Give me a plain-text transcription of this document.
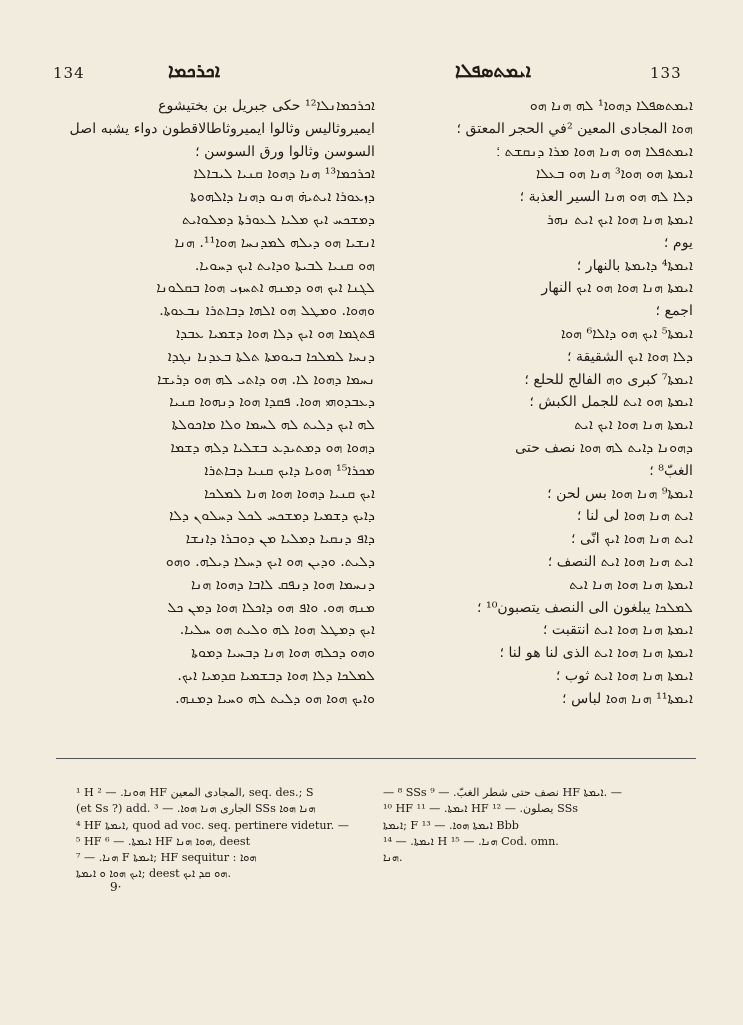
134	ܐܟܪܟܡܐ	ܐܝܡܬܣܦܠܐ	133
ܐܟܪܟܡܐܢܠܐ¹² حكى جبريل بن بختيشوع
ايميروثاليس وثالوا ايميروثاطالاقطون دواء يشبه اصل
السوسن وثالوا ورق السوسن ؛
ܐܟܪܟܡܐ¹³ ܗܢܐ ܕܗܘܐ ܩܢܝܐ ܠܝܒܐܠܐ
ܕܙܥܘܪܐ ܐܝܬܝܗ̇ ܗܢܘ ܕܗܢܐ ܕܐܠܗܘܬܐ
ܕܡܫܟܚ ܐܝܟ ܡܠܝܐ ܠܥܘܪܬܐ ܕܡܠܘܐܝܬ
ܐܢܫܝܐ ܗܘ ܕܝܠܗ ܠܡܕܢܚܐ ܗܘܐ¹¹. ܗܢܐ
ܗܘ ܩܢܝܐ ܠܒܝܬܐ ܘܕܐܝܬ ܐܝܟ ܕܚܘܝܐ.
ܠܓܢܐ ܐܝܟ ܗܘ ܕܡܢܗ ܐܬܚܙܝ ܗܘܐ ܒܩܠܘܢܐ
ܘܗܘܐ. ܘܡܛܠ ܗܘ ܐܠܗܐ ܕܒܐܬܪܐ ܢܒܥܘܬܐ.
ܦܬܓܡܐ ܗܘ ܐܝܟ ܕܠܐ ܗܘܐ ܕܫܡܝܐ ܥܒܕܐ
ܕܢܚܐ ܠܡܠܟܐ ܒܝܘܡܬܐ ܬܠܬܐ ܒܥܕܢܐ ܢܓܕܐ
ܢܚܡܐ ܕܗܘܐ ܠܐ. ܗܘ ܕܐܬܝ ܠܗ ܗܘ ܕܪܝܫܐ
ܕܥܒܕܘܗܝ ܗܘܐ. ܦܩܕܐ ܗܘܐ ܕܢܗܘܐ ܩܢܝܐ
ܠܗ ܐܝܟ ܕܠܝܬ ܠܗ ܠܚܡܐ ܘܠܐ ܡܐܟܘܠܬܐ
ܕܗܘܐ ܗܘ ܕܡܬܝܕܥ ܒܫܠܝܐ ܕܠܗ ܕܫܡܐ
ܡܟܪܐ¹⁵ ܗܘܝܐ ܕܐܝܟ ܩܢܝܐ ܕܒܐܬܪܐ
ܐܝܟ ܩܢܝܐ ܕܗܘܐ ܗܘܐ ܗܢܐ ܠܡܠܟܐ
ܕܐܝܟ ܕܫܡܝܐ ܕܡܫܟܚ ܠܟܠ ܕܚܠܘܢ ܕܠܐ
ܕܐܦ ܕܢܩܝܐ ܕܡܠܝܐ ܡܢ ܕܘܒܪܐ ܕܐܢܫܐ
ܕܠܝܬ. ܘܕܝܢ ܗܘ ܐܝܟ ܕܚܠܐ ܕܝܠܗ. ܘܗܘ
ܕܢܚܡܐ ܗܘܐ ܕܢܦܩ ܠܐܒܐ ܕܗܘܐ ܗܢܐ
ܡܢܗ ܗܘ. ܘܐܦ ܗܘ ܕܐܟܠܐ ܗܘܐ ܕܡܢ ܟܠ
ܐܝܟ ܕܡܛܠ ܗܘܐ ܠܗ ܘܠܝܬ ܗܘ ܚܠܝܐ.
ܘܗܘ ܕܟܠܗ ܗܘܐ ܗܢܐ ܕܒܚܝܐ ܕܡܘܬܐ
ܠܡܠܟܐ ܕܠܐ ܗܘܐ ܕܒܫܡܝܐ ܩܕܡܝܐ ܐܝܟ.
ܘܐܝܟ ܗܘܐ ܗܘ ܕܠܝܬ ܠܗ ܘܚܝܐ ܕܡܢܗ.
ܐܝܡܬܣܦܠܐ ܕܗܘܐ¹ ܠܗ ܗܢܐ ܗܘ
ܗܘܐ المجادى المعين ²في الحجر المعتق ؛
ܐܝܡܬܦܠܐ ܗܘ ܗܢܐ ܗܘܐ ܡܪܐ ܕܢܩܫܬ ؛
ܐܝܡܬܐ ܗܘ ܗܘܐ³ ܗܢܐ ܗܘ ܒܥܠܐ
ܕܠܐ ܠܗ ܗܘ ܗܢܐ السير العذبة ؛
ܐܝܡܬܐ ܗܢܐ ܗܘܐ ܐܝܟ ܐܝܬ ܢܗܪ
يوم ؛
ܐܝܡܬܐ⁴ ܕܐܝܡܬܐ بالنهار ؛
ܐܝܡܬܐ ܗܢܐ ܗܘܐ ܗܘ ܐܝܟ النهار
اجمع ؛
ܐܝܡܬܐ⁵ ܐܝܟ ܗܘ ܕܐܠܐ⁶ ܗܘܐ
ܕܠܐ ܗܘܐ ܐܝܟ الشقيقة ؛
ܐܝܡܬܐ⁷ كبرى ܘܗ الفالج للحلع ؛
ܐܝܡܬܐ ܗܘ ܐܝܬ للجمل الكبش ؛
ܐܝܡܬܐ ܗܢܐ ܗܘܐ ܐܝܟ ܐܝܬ
ܕܗܘܢܐ ܕܐܝܬ ܠܗ ܗܘܐ نصف حتى
الغبّ⁸ ؛
ܐܝܡܬܐ⁹ ܗܢܐ ܗܘܐ بس لحن ؛
ܐܝܬ ܗܢܐ ܗܘܐ لى لنا ؛
ܐܝܬ ܗܢܐ ܗܘܐ ܐܝܟ انّى ؛
ܐܝܬ ܗܢܐ ܗܘܐ ܐܝܬ النصف ؛
ܐܝܡܬܐ ܗܢܐ ܗܘܐ ܗܢܐ ܐܝܬ
ܠܡܠܟܐ يبلغون الى النصف يتصبون¹⁰ ؛
ܐܝܡܬܐ ܗܢܐ ܗܘܐ ܐܝܬ انتقبت ؛
ܐܝܡܬܐ ܗܢܐ ܗܘܐ ܐܝܬ الذى لنا هو لنا ؛
ܐܝܡܬܐ ܗܢܐ ܗܘܐ ܐܝܬ ثوب ؛
ܐܝܡܬܐ¹¹ ܗܢܐ ܗܘܐ لباس ؛
¹ H ܗܘܢܐ. — ² HF المجادى المعين, seq. des.; S
(et Ss ?) add. الجارى ܗܢܐ ܗܘܐ. — ³ SSs ܗܢܐ ܗܘܐ
⁴ HF ܐܝܡܬܐ, quod ad voc. seq. pertinere videtur. —
⁵ HF ܐܝܡܬܐ. — ⁶ HF ܗܘܐ ܗܢܐ, deest
ܗܢܐ. — ⁷ F ܐܝܡܬܐ; HF sequitur : ܗܘܐ
ܐܝܟ ܗܘܐ ܘ ܐܝܡܬܐ; deest ܗܘ ܩܕ ܐܝܟ.
— ⁸ SSs نصف حتى شطر الغبّ. — ⁹ HF ܐܝܡܬܐ. —
¹⁰ HF ܐܝܡܬܐ. — ¹¹ HF يصلون. — ¹² SSs
ܐܝܡܬܐ; F ܐܝܡܬܐ ܗܘܐ. — ¹³ Bbb
ܐܝܡܬܐ. — ¹⁴ H ܗܢܐ. — ¹⁵ Cod. omn.
ܗܢܐ.
9·
